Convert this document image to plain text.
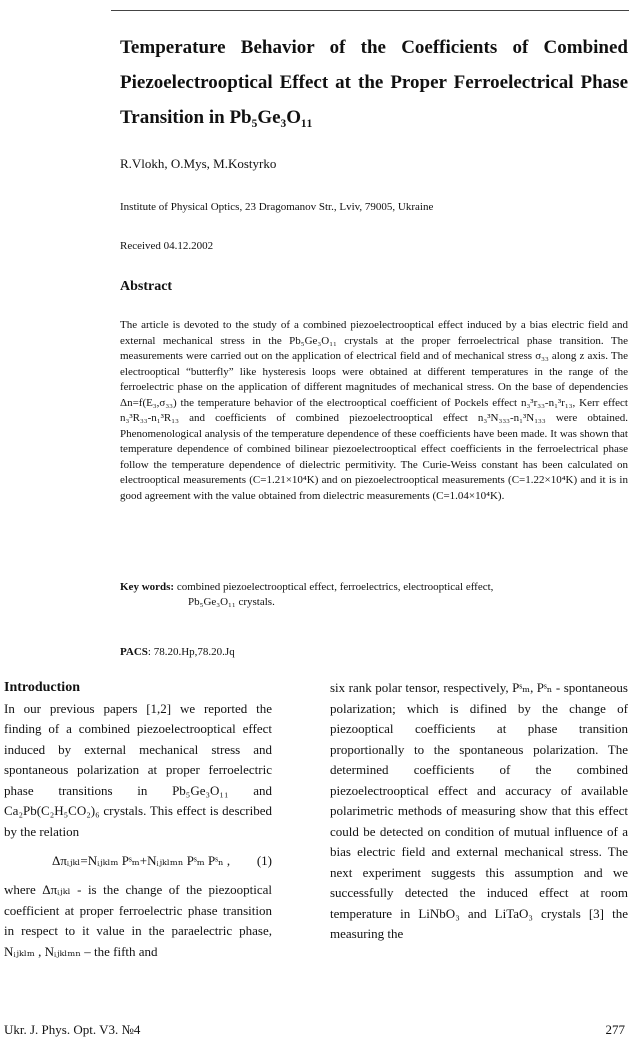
Temperature Behavior of the Coefficients of Combined Piezoelectrooptical Effect at the Proper Ferroelectrical Phase Transition in Pb₅Ge₃O₁₁
R.Vlokh, O.Mys, M.Kostyrko
Institute of Physical Optics, 23 Dragomanov Str., Lviv, 79005, Ukraine
Received 04.12.2002
Abstract
The article is devoted to the study of a combined piezoelectrooptical effect induced by a bias electric field and external mechanical stress in the Pb₅Ge₃O₁₁ crystals at the proper ferroelectrical phase transition. The measurements were carried out on the application of electrical field and of mechanical stress σ₃₃ along z axis. The electrooptical “butterfly” like hysteresis loops were obtained at different temperatures in the range of the ferroelectric phase on the application of different magnitudes of mechanical stress. On the base of dependencies Δn=f(E₃,σ₃₃) the temperature behavior of the electrooptical coefficient of Pockels effect n₃³r₃₃-n₁³r₁₃, Kerr effect n₃³R₃₃-n₁³R₁₃ and coefficients of combined piezoelectrooptical effect n₃³N₃₃₃-n₁³N₁₃₃ were obtained. Phenomenological analysis of the temperature dependence of these coefficients have been made. It was shown that temperature dependence of combined bilinear piezoelectrooptical effect coefficients in the ferroelectrical phase follow the temperature dependence of dielectric permitivity. The Curie-Weiss constant has been calculated on electrooptical measurements (C=1.21×10⁴K) and on piezoelectrooptical measurements (C=1.22×10⁴K) and it is in good agreement with the value obtained from dielectric measurements (C=1.04×10⁴K).
Key words: combined piezoelectrooptical effect, ferroelectrics, electrooptical effect,
Pb₅Ge₃O₁₁ crystals.
PACS: 78.20.Hp,78.20.Jq
Introduction
In our previous papers [1,2] we reported the finding of a combined piezoelectrooptical effect induced by external mechanical stress and spontaneous polarization at proper ferroelectric phase transitions in Pb₅Ge₃O₁₁ and Ca₂Pb(C₂H₅CO₂)₆ crystals. This effect is described by the relation
Δπᵢⱼₖₗ=Nᵢⱼₖₗₘ Pˢₘ+Nᵢⱼₖₗₘₙ Pˢₘ Pˢₙ , (1)
where Δπᵢⱼₖₗ - is the change of the piezooptical coefficient at proper ferroelectric phase transition in respect to it value in the paraelectric phase, Nᵢⱼₖₗₘ , Nᵢⱼₖₗₘₙ – the fifth and
six rank polar tensor, respectively, Pˢₘ, Pˢₙ - spontaneous polarization; which is difined by the change of piezooptical coefficients at phase transition proportionally to the spontaneous polarization. The determined coefficients of the combined piezoelectrooptical effect and accuracy of available polarimetric methods of measuring show that this effect could be detected on condition of mutual influence of a bias electric field and external mechanical stress. The next experiment suggests this assumption and we successfully detected the induced effect at room temperature in LiNbO₃ and LiTaO₃ crystals [3] the measuring the
Ukr. J. Phys. Opt. V3. №4	277
